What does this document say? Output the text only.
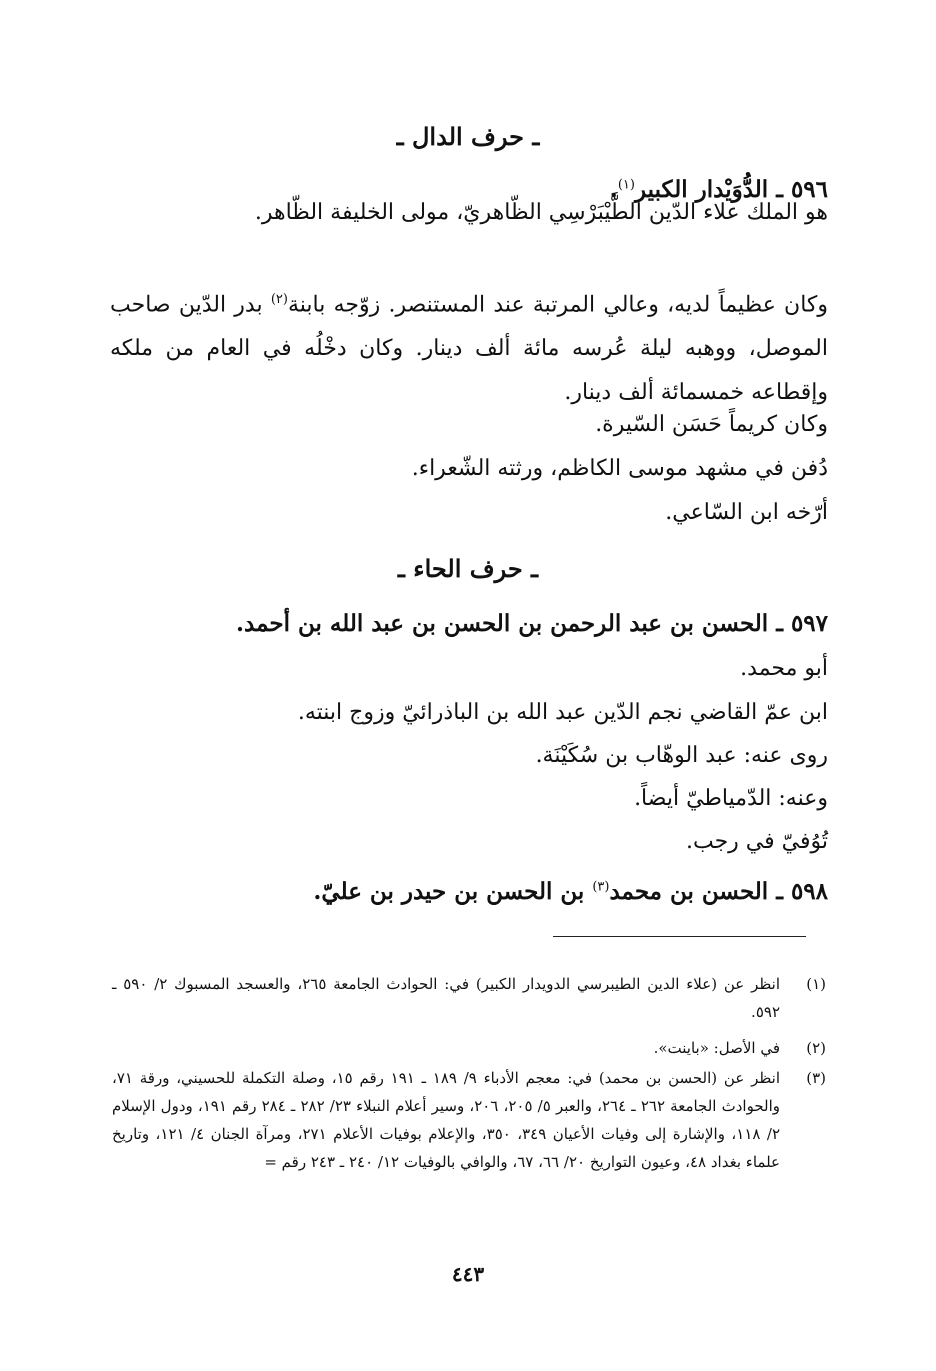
ـ حرف الدال ـ
٥٩٦ ـ الدُّوَيْدار الكبير$^{(١)}$.
هو الملك علاء الدّين الطَّيْبَرْسِي الظّاهريّ، مولى الخليفة الظّاهر.
وكان عظيماً لديه، وعالي المرتبة عند المستنصر. زوّجه بابنة$^{(٢)}$ بدر الدّين صاحب الموصل، ووهبه ليلة عُرسه مائة ألف دينار. وكان دخْلُه في العام من ملكه وإقطاعه خمسمائة ألف دينار.
وكان كريماً حَسَن السّيرة.
دُفن في مشهد موسى الكاظم، ورثته الشّعراء.
أرّخه ابن السّاعي.
ـ حرف الحاء ـ
٥٩٧ ـ الحسن بن عبد الرحمن بن الحسن بن عبد الله بن أحمد.
أبو محمد.
ابن عمّ القاضي نجم الدّين عبد الله بن الباذرائيّ وزوج ابنته.
روى عنه: عبد الوهّاب بن سُكَيْنَة.
وعنه: الدّمياطيّ أيضاً.
تُوُفيّ في رجب.
٥٩٨ ـ الحسن بن محمد$^{(٣)}$ بن الحسن بن حيدر بن عليّ.
(١)
انظر عن (علاء الدين الطيبرسي الدويدار الكبير) في: الحوادث الجامعة ٢٦٥، والعسجد المسبوك ٢/ ٥٩٠ ـ ٥٩٢.
(٢)
في الأصل: «باينت».
(٣)
انظر عن (الحسن بن محمد) في: معجم الأدباء ٩/ ١٨٩ ـ ١٩١ رقم ١٥، وصلة التكملة للحسيني، ورقة ٧١، والحوادث الجامعة ٢٦٢ ـ ٢٦٤، والعبر ٥/ ٢٠٥، ٢٠٦، وسير أعلام النبلاء ٢٣/ ٢٨٢ ـ ٢٨٤ رقم ١٩١، ودول الإسلام ٢/ ١١٨، والإشارة إلى وفيات الأعيان ٣٤٩، ٣٥٠، والإعلام بوفيات الأعلام ٢٧١، ومرآة الجنان ٤/ ١٢١، وتاريخ علماء بغداد ٤٨، وعيون التواريخ ٢٠/ ٦٦، ٦٧، والوافي بالوفيات ١٢/ ٢٤٠ ـ ٢٤٣ رقم =
٤٤٣
